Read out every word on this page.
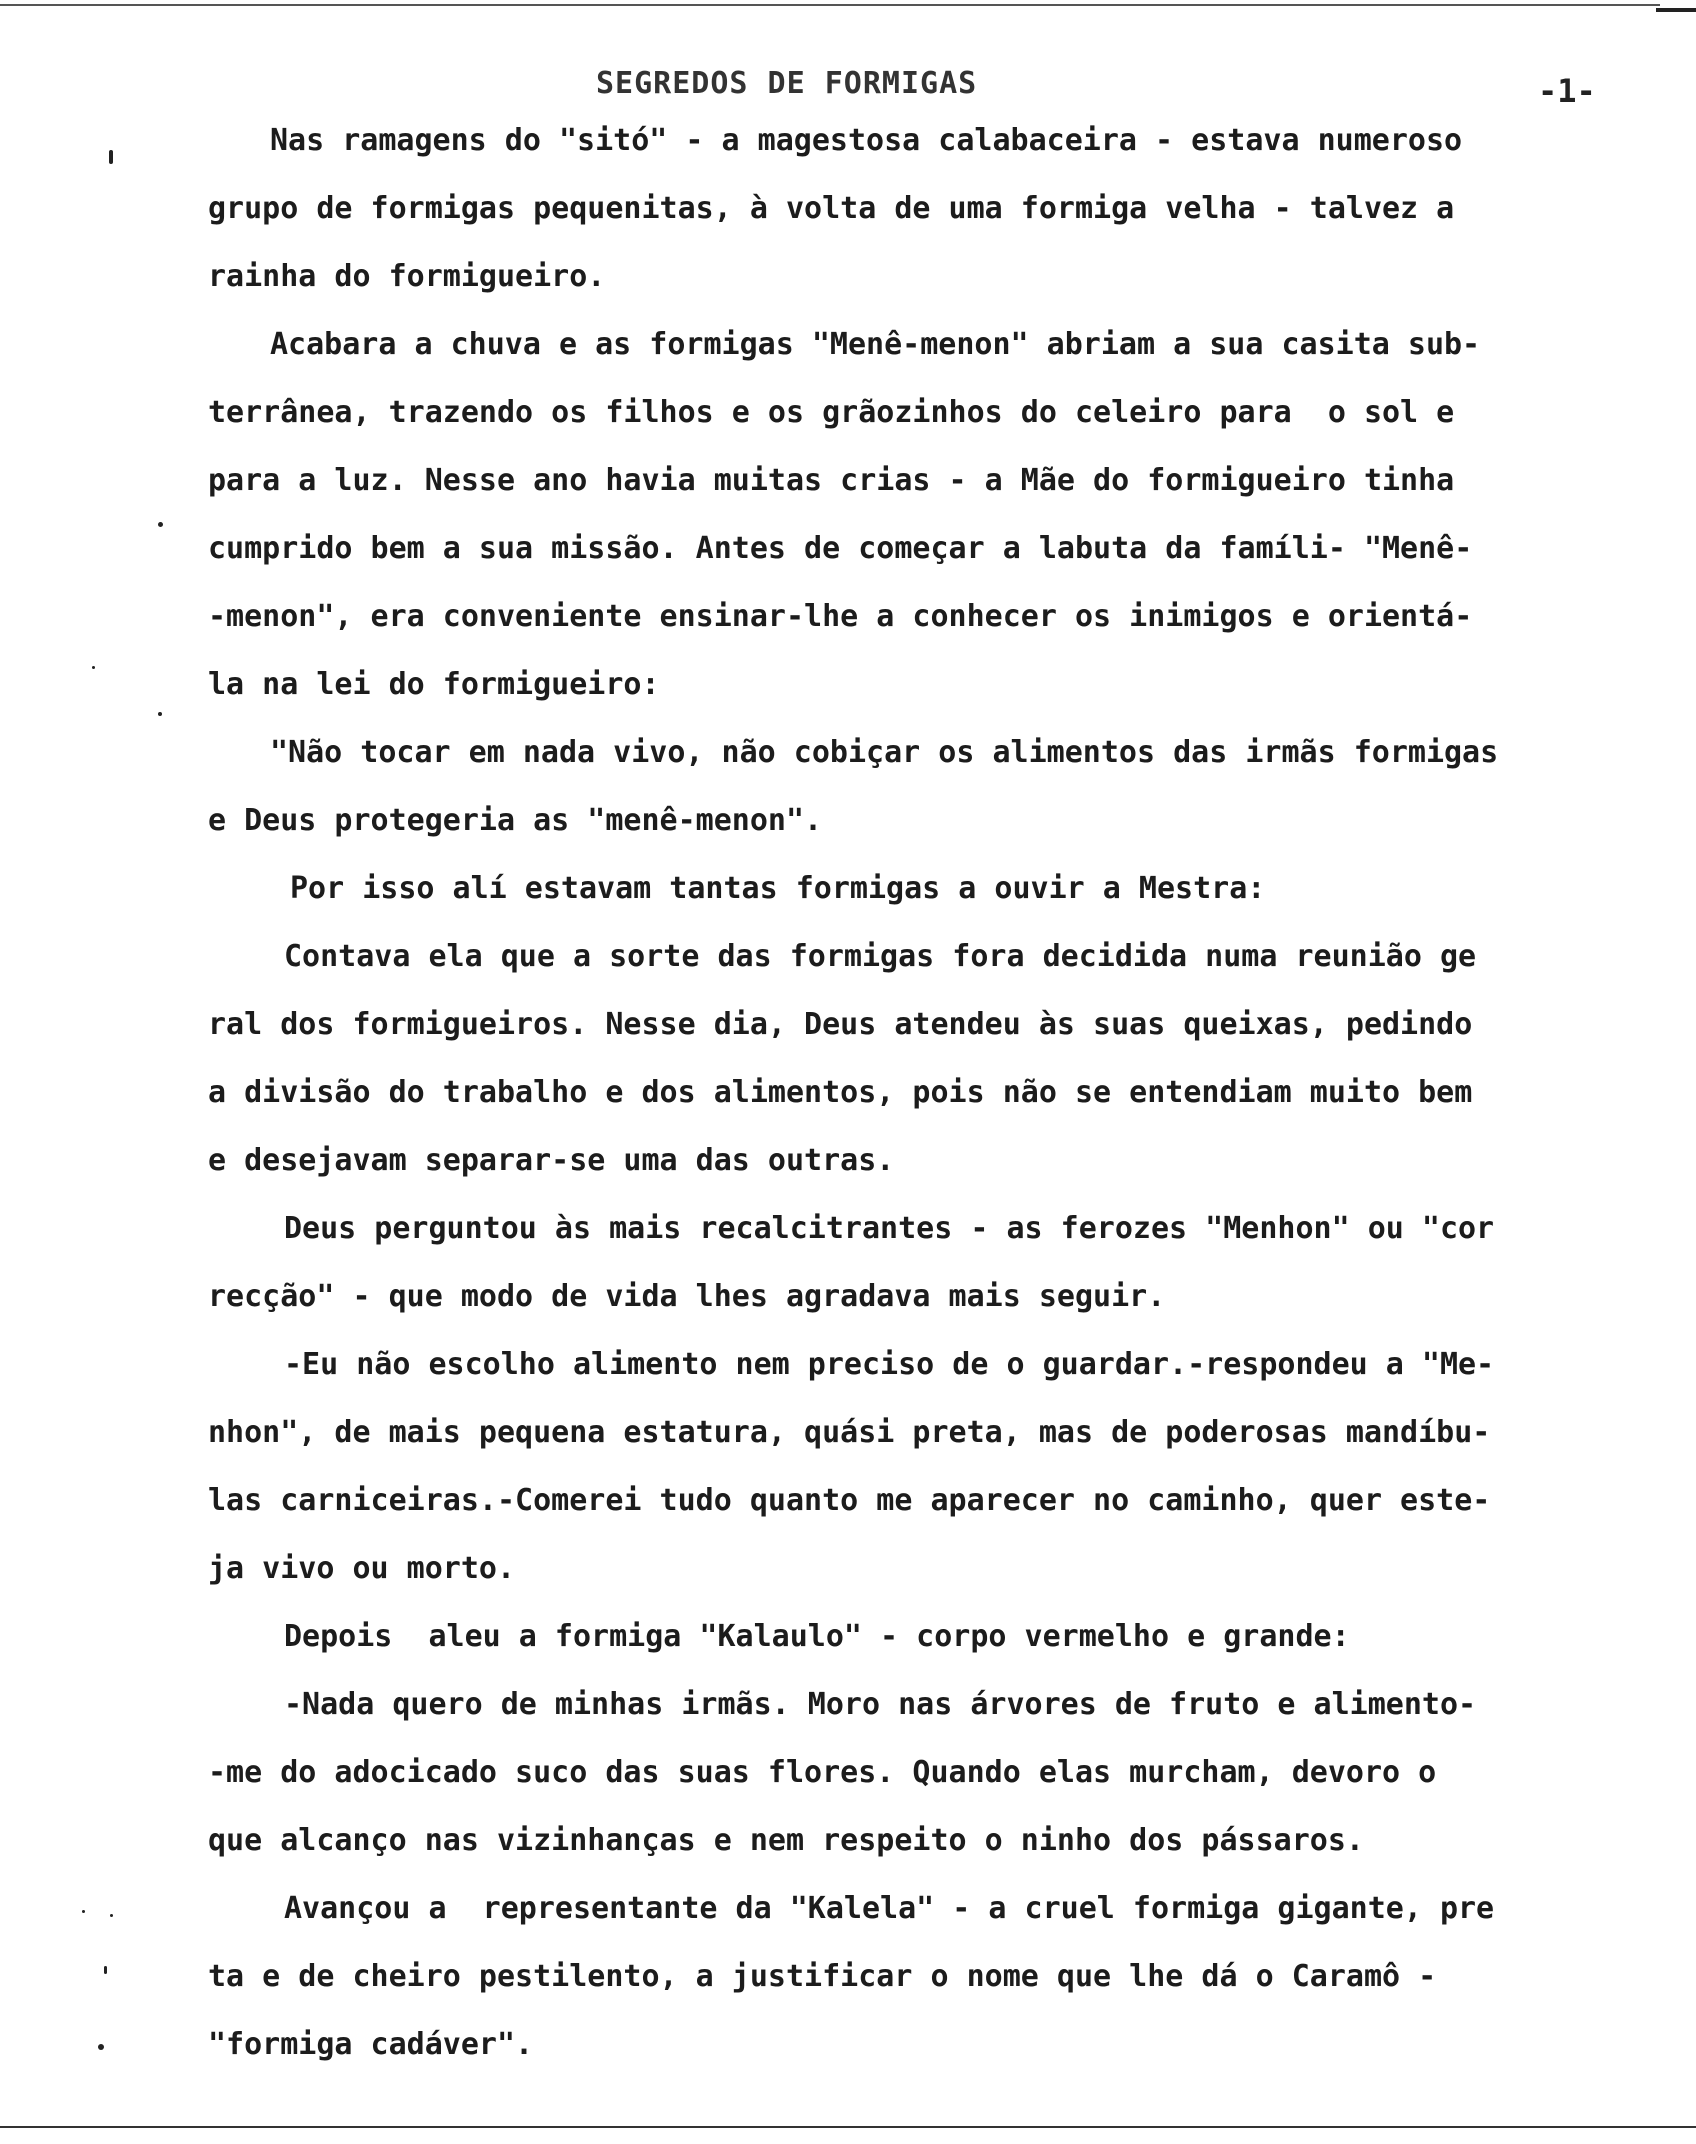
SEGREDOS DE FORMIGAS	-1-
Nas ramagens do "sitó" - a magestosa calabaceira - estava numeroso
grupo de formigas pequenitas, à volta de uma formiga velha - talvez a
rainha do formigueiro.
Acabara a chuva e as formigas "Menê-menon" abriam a sua casita sub-
terrânea, trazendo os filhos e os grãozinhos do celeiro para  o sol e
para a luz. Nesse ano havia muitas crias - a Mãe do formigueiro tinha
cumprido bem a sua missão. Antes de começar a labuta da famíli- "Menê-
-menon", era conveniente ensinar-lhe a conhecer os inimigos e orientá-
la na lei do formigueiro:
"Não tocar em nada vivo, não cobiçar os alimentos das irmãs formigas
e Deus protegeria as "menê-menon".
Por isso alí estavam tantas formigas a ouvir a Mestra:
Contava ela que a sorte das formigas fora decidida numa reunião ge
ral dos formigueiros. Nesse dia, Deus atendeu às suas queixas, pedindo
a divisão do trabalho e dos alimentos, pois não se entendiam muito bem
e desejavam separar-se uma das outras.
Deus perguntou às mais recalcitrantes - as ferozes "Menhon" ou "cor
recção" - que modo de vida lhes agradava mais seguir.
-Eu não escolho alimento nem preciso de o guardar.-respondeu a "Me-
nhon", de mais pequena estatura, quási preta, mas de poderosas mandíbu-
las carniceiras.-Comerei tudo quanto me aparecer no caminho, quer este-
ja vivo ou morto.
Depois  aleu a formiga "Kalaulo" - corpo vermelho e grande:
-Nada quero de minhas irmãs. Moro nas árvores de fruto e alimento-
-me do adocicado suco das suas flores. Quando elas murcham, devoro o
que alcanço nas vizinhanças e nem respeito o ninho dos pássaros.
Avançou a  representante da "Kalela" - a cruel formiga gigante, pre
ta e de cheiro pestilento, a justificar o nome que lhe dá o Caramô -
"formiga cadáver".
